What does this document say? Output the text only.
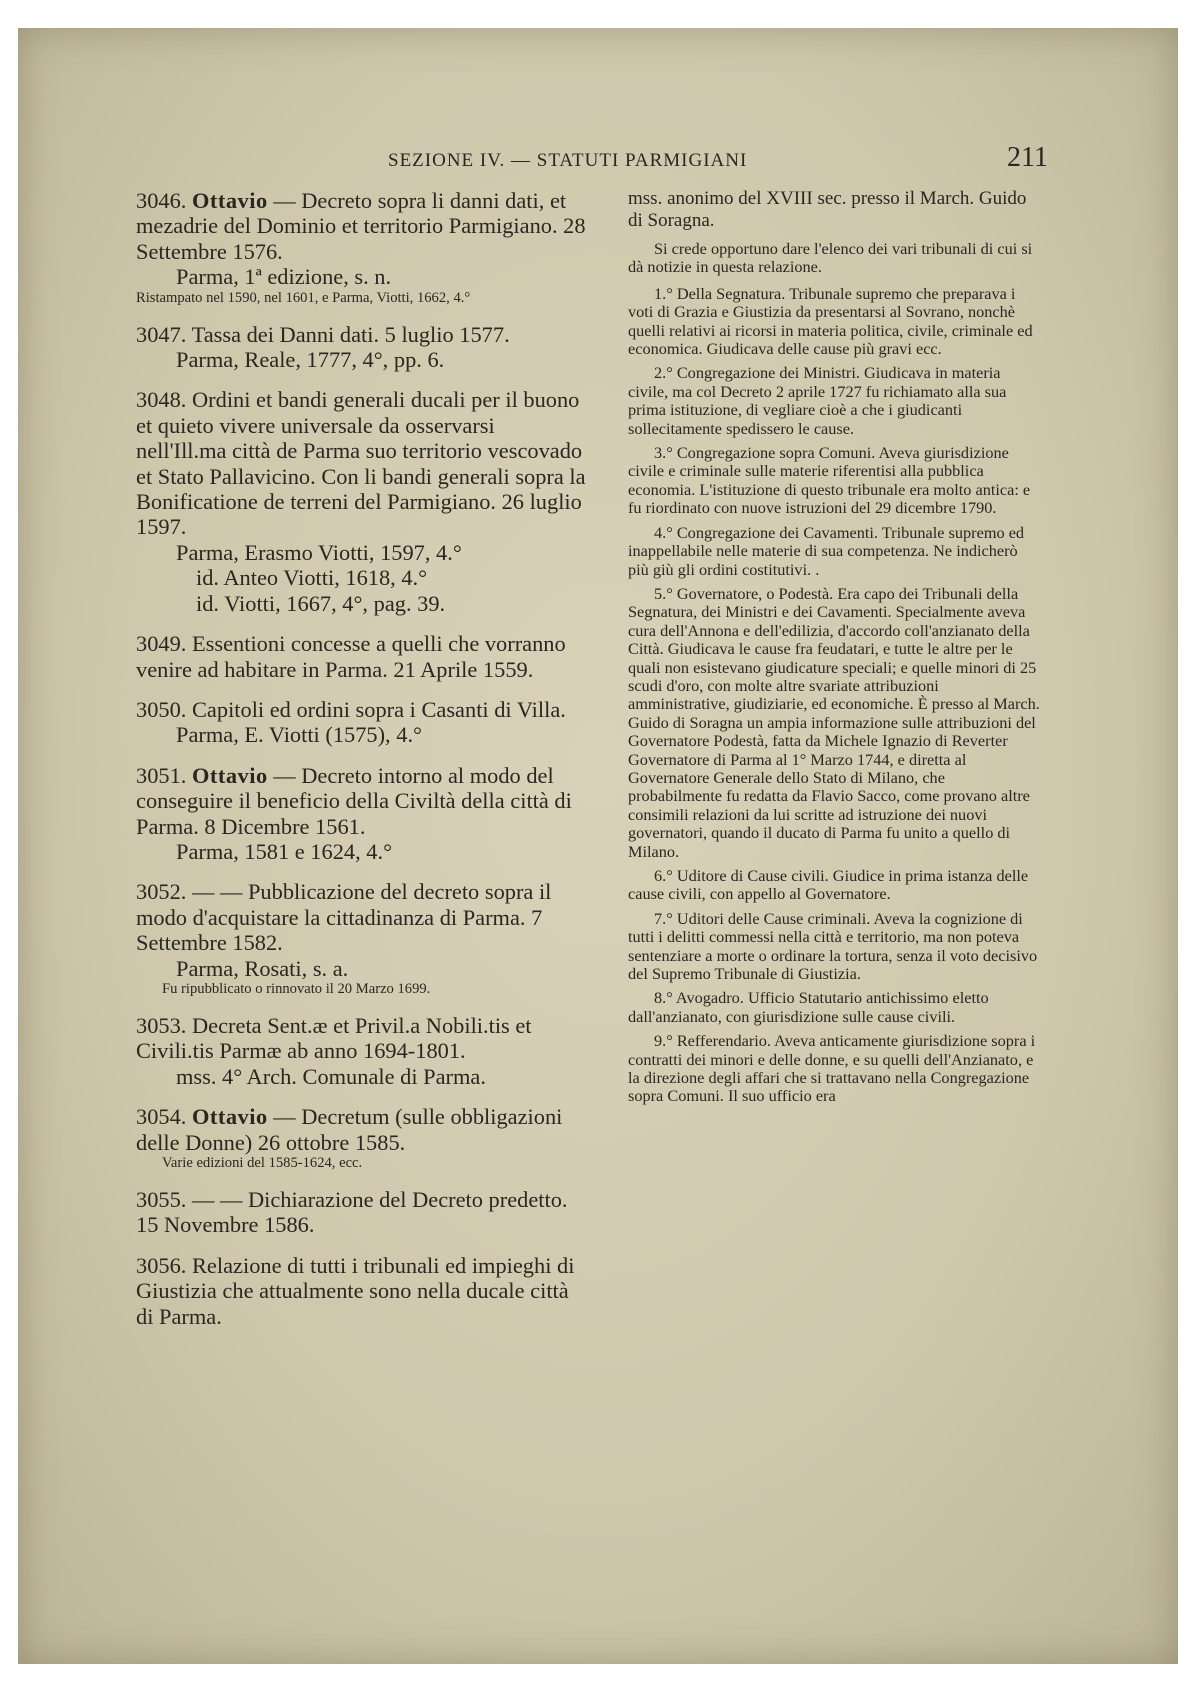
SEZIONE IV. — STATUTI PARMIGIANI	211

3046. Ottavio — Decreto sopra li danni dati, et mezadrie del Dominio et territorio Parmigiano. 28 Settembre 1576.

Parma, 1ª edizione, s. n.

Ristampato nel 1590, nel 1601, e Parma, Viotti, 1662, 4.°

3047. Tassa dei Danni dati. 5 luglio 1577.

Parma, Reale, 1777, 4°, pp. 6.

3048. Ordini et bandi generali ducali per il buono et quieto vivere universale da osservarsi nell'Ill.ma città de Parma suo territorio vescovado et Stato Pallavicino. Con li bandi generali sopra la Bonificatione de terreni del Parmigiano. 26 luglio 1597.

Parma, Erasmo Viotti, 1597, 4.°

id. Anteo Viotti, 1618, 4.°

id. Viotti, 1667, 4°, pag. 39.

3049. Essentioni concesse a quelli che vorranno venire ad habitare in Parma. 21 Aprile 1559.

3050. Capitoli ed ordini sopra i Casanti di Villa.

Parma, E. Viotti (1575), 4.°

3051. Ottavio — Decreto intorno al modo del conseguire il beneficio della Civiltà della città di Parma. 8 Dicembre 1561.

Parma, 1581 e 1624, 4.°

3052. — — Pubblicazione del decreto sopra il modo d'acquistare la cittadinanza di Parma. 7 Settembre 1582.

Parma, Rosati, s. a.

Fu ripubblicato o rinnovato il 20 Marzo 1699.

3053. Decreta Sent.æ et Privil.a Nobili.tis et Civili.tis Parmæ ab anno 1694-1801.

mss. 4° Arch. Comunale di Parma.

3054. Ottavio — Decretum (sulle obbligazioni delle Donne) 26 ottobre 1585.

Varie edizioni del 1585-1624, ecc.

3055. — — Dichiarazione del Decreto predetto. 15 Novembre 1586.

3056. Relazione di tutti i tribunali ed impieghi di Giustizia che attualmente sono nella ducale città di Parma.

mss. anonimo del XVIII sec. presso il March. Guido di Soragna.

Si crede opportuno dare l'elenco dei vari tribunali di cui si dà notizie in questa relazione.

1.° Della Segnatura. Tribunale supremo che preparava i voti di Grazia e Giustizia da presentarsi al Sovrano, nonchè quelli relativi ai ricorsi in materia politica, civile, criminale ed economica. Giudicava delle cause più gravi ecc.

2.° Congregazione dei Ministri. Giudicava in materia civile, ma col Decreto 2 aprile 1727 fu richiamato alla sua prima istituzione, di vegliare cioè a che i giudicanti sollecitamente spedissero le cause.

3.° Congregazione sopra Comuni. Aveva giurisdizione civile e criminale sulle materie riferentisi alla pubblica economia. L'istituzione di questo tribunale era molto antica: e fu riordinato con nuove istruzioni del 29 dicembre 1790.

4.° Congregazione dei Cavamenti. Tribunale supremo ed inappellabile nelle materie di sua competenza. Ne indicherò più giù gli ordini costitutivi. .

5.° Governatore, o Podestà. Era capo dei Tribunali della Segnatura, dei Ministri e dei Cavamenti. Specialmente aveva cura dell'Annona e dell'edilizia, d'accordo coll'anzianato della Città. Giudicava le cause fra feudatari, e tutte le altre per le quali non esistevano giudicature speciali; e quelle minori di 25 scudi d'oro, con molte altre svariate attribuzioni amministrative, giudiziarie, ed economiche. È presso al March. Guido di Soragna un ampia informazione sulle attribuzioni del Governatore Podestà, fatta da Michele Ignazio di Reverter Governatore di Parma al 1° Marzo 1744, e diretta al Governatore Generale dello Stato di Milano, che probabilmente fu redatta da Flavio Sacco, come provano altre consimili relazioni da lui scritte ad istruzione dei nuovi governatori, quando il ducato di Parma fu unito a quello di Milano.

6.° Uditore di Cause civili. Giudice in prima istanza delle cause civili, con appello al Governatore.

7.° Uditori delle Cause criminali. Aveva la cognizione di tutti i delitti commessi nella città e territorio, ma non poteva sentenziare a morte o ordinare la tortura, senza il voto decisivo del Supremo Tribunale di Giustizia.

8.° Avogadro. Ufficio Statutario antichissimo eletto dall'anzianato, con giurisdizione sulle cause civili.

9.° Refferendario. Aveva anticamente giurisdizione sopra i contratti dei minori e delle donne, e su quelli dell'Anzianato, e la direzione degli affari che si trattavano nella Congregazione sopra Comuni. Il suo ufficio era
